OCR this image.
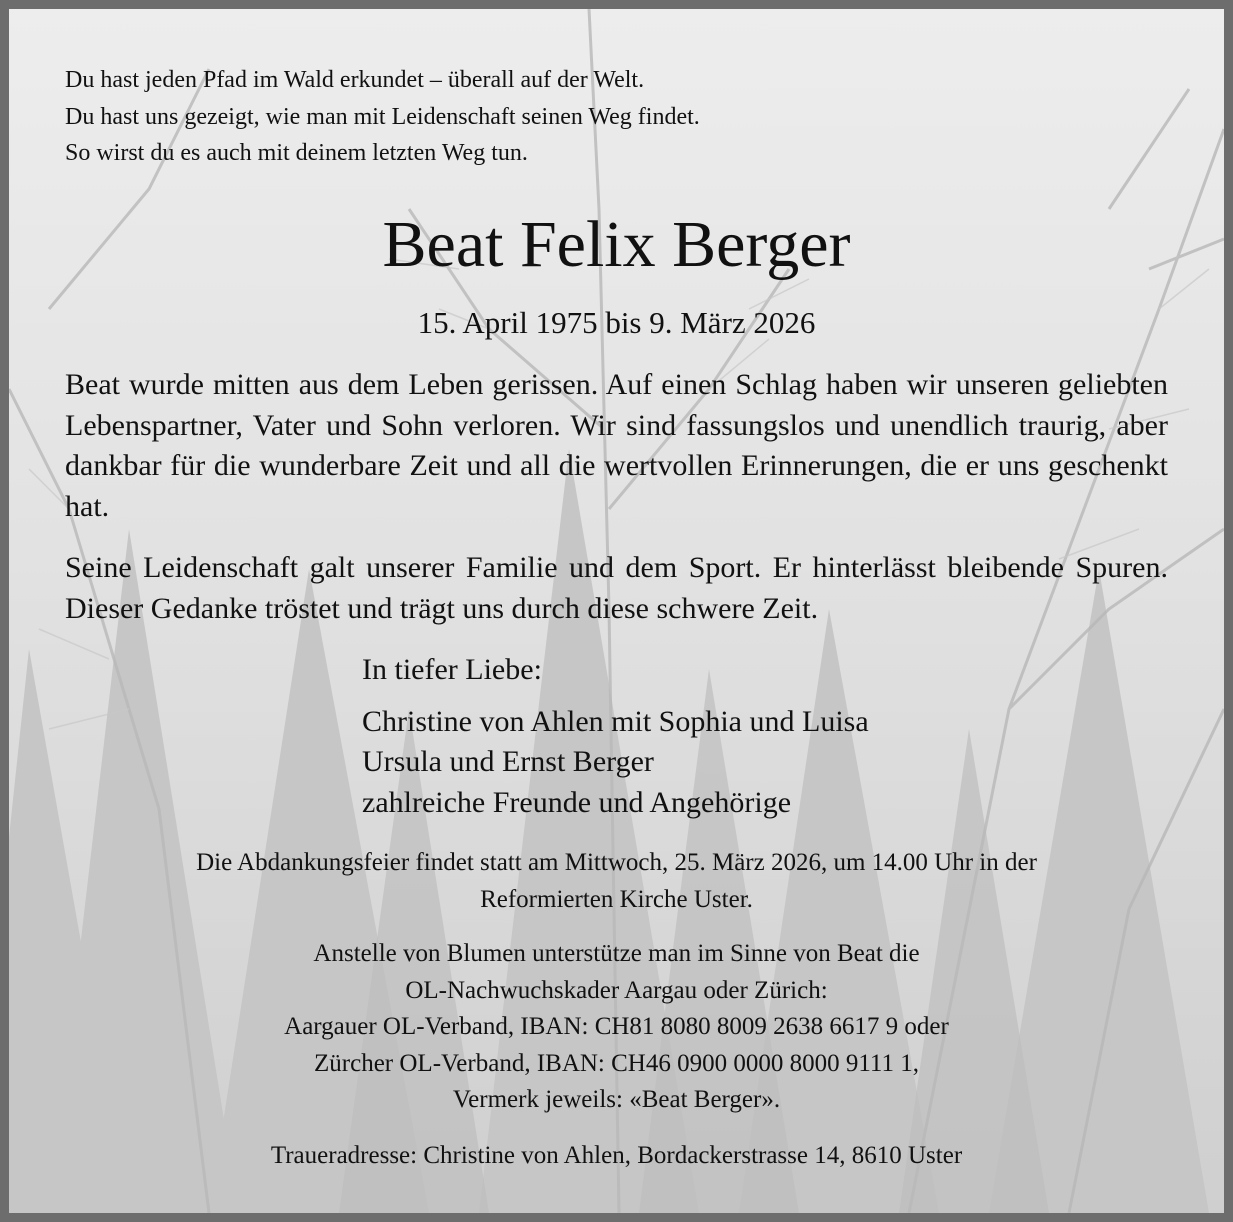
Du hast jeden Pfad im Wald erkundet – überall auf der Welt.
Du hast uns gezeigt, wie man mit Leidenschaft seinen Weg findet.
So wirst du es auch mit deinem letzten Weg tun.
Beat Felix Berger
15. April 1975 bis 9. März 2026
Beat wurde mitten aus dem Leben gerissen. Auf einen Schlag haben wir unseren geliebten Lebenspartner, Vater und Sohn verloren. Wir sind fassungslos und unendlich traurig, aber dankbar für die wunderbare Zeit und all die wertvollen Erinnerungen, die er uns geschenkt hat.
Seine Leidenschaft galt unserer Familie und dem Sport. Er hinterlässt bleibende Spuren. Dieser Gedanke tröstet und trägt uns durch diese schwere Zeit.
In tiefer Liebe:
Christine von Ahlen mit Sophia und Luisa
Ursula und Ernst Berger
zahlreiche Freunde und Angehörige
Die Abdankungsfeier findet statt am Mittwoch, 25. März 2026, um 14.00 Uhr in der
Reformierten Kirche Uster.
Anstelle von Blumen unterstütze man im Sinne von Beat die
OL-Nachwuchskader Aargau oder Zürich:
Aargauer OL-Verband, IBAN: CH81 8080 8009 2638 6617 9 oder
Zürcher OL-Verband, IBAN: CH46 0900 0000 8000 9111 1,
Vermerk jeweils: «Beat Berger».
Traueradresse: Christine von Ahlen, Bordackerstrasse 14, 8610 Uster
